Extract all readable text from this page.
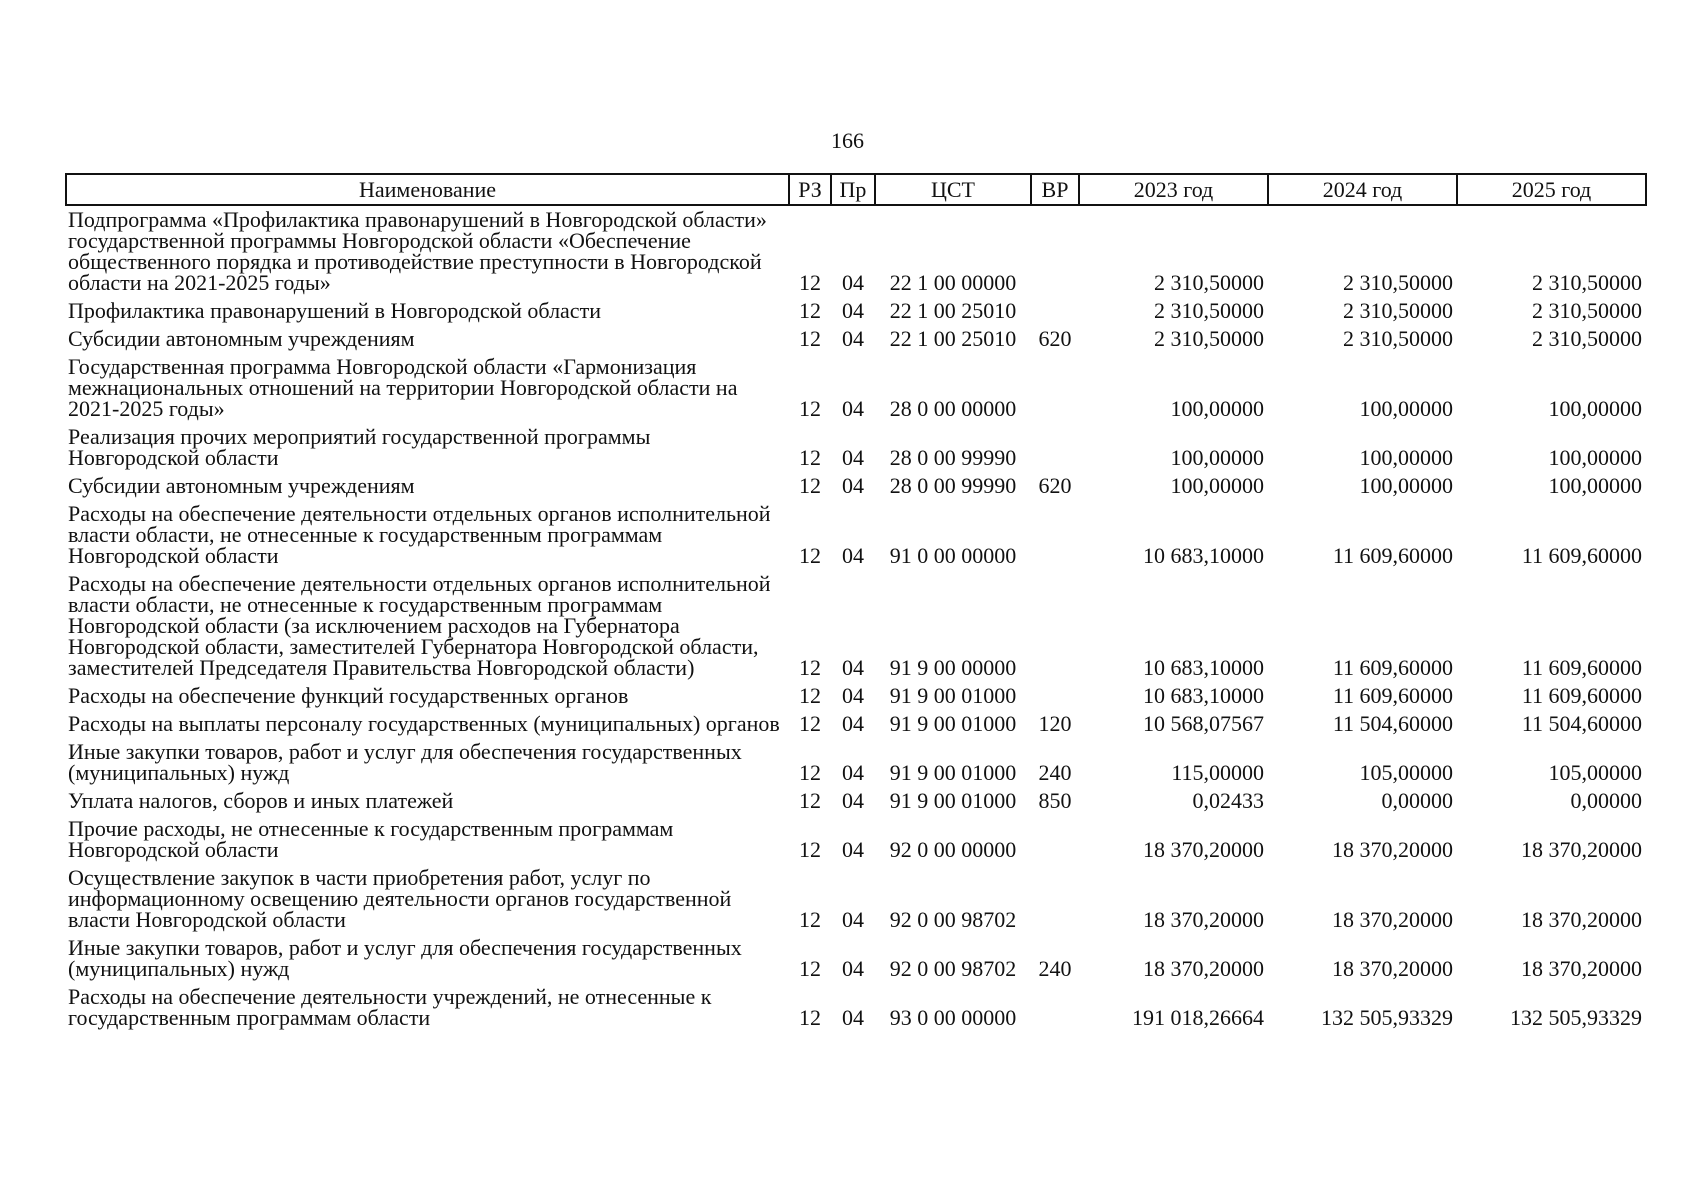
166
Наименование	РЗ	Пр	ЦСТ	ВР	2023 год	2024 год	2025 год
Подпрограмма «Профилактика правонарушений в Новгородской области» государственной программы Новгородской области «Обеспечение общественного порядка и противодействие преступности в Новгородской области на 2021-2025 годы»	12	04	22 1 00 00000		2 310,50000	2 310,50000	2 310,50000
Профилактика правонарушений в Новгородской области	12	04	22 1 00 25010		2 310,50000	2 310,50000	2 310,50000
Субсидии автономным учреждениям	12	04	22 1 00 25010	620	2 310,50000	2 310,50000	2 310,50000
Государственная программа Новгородской области «Гармонизация межнациональных отношений на территории Новгородской области на 2021-2025 годы»	12	04	28 0 00 00000		100,00000	100,00000	100,00000
Реализация прочих мероприятий государственной программы Новгородской области	12	04	28 0 00 99990		100,00000	100,00000	100,00000
Субсидии автономным учреждениям	12	04	28 0 00 99990	620	100,00000	100,00000	100,00000
Расходы на обеспечение деятельности отдельных органов исполнительной власти области, не отнесенные к государственным программам Новгородской области	12	04	91 0 00 00000		10 683,10000	11 609,60000	11 609,60000
Расходы на обеспечение деятельности отдельных органов исполнительной власти области, не отнесенные к государственным программам Новгородской области (за исключением расходов на Губернатора Новгородской области, заместителей Губернатора Новгородской области, заместителей Председателя Правительства Новгородской области)	12	04	91 9 00 00000		10 683,10000	11 609,60000	11 609,60000
Расходы на обеспечение функций государственных органов	12	04	91 9 00 01000		10 683,10000	11 609,60000	11 609,60000
Расходы на выплаты персоналу государственных (муниципальных) органов	12	04	91 9 00 01000	120	10 568,07567	11 504,60000	11 504,60000
Иные закупки товаров, работ и услуг для обеспечения государственных (муниципальных) нужд	12	04	91 9 00 01000	240	115,00000	105,00000	105,00000
Уплата налогов, сборов и иных платежей	12	04	91 9 00 01000	850	0,02433	0,00000	0,00000
Прочие расходы, не отнесенные к государственным программам Новгородской области	12	04	92 0 00 00000		18 370,20000	18 370,20000	18 370,20000
Осуществление закупок в части приобретения работ, услуг по информационному освещению деятельности органов государственной власти Новгородской области	12	04	92 0 00 98702		18 370,20000	18 370,20000	18 370,20000
Иные закупки товаров, работ и услуг для обеспечения государственных (муниципальных) нужд	12	04	92 0 00 98702	240	18 370,20000	18 370,20000	18 370,20000
Расходы на обеспечение деятельности учреждений, не отнесенные к государственным программам области	12	04	93 0 00 00000		191 018,26664	132 505,93329	132 505,93329
